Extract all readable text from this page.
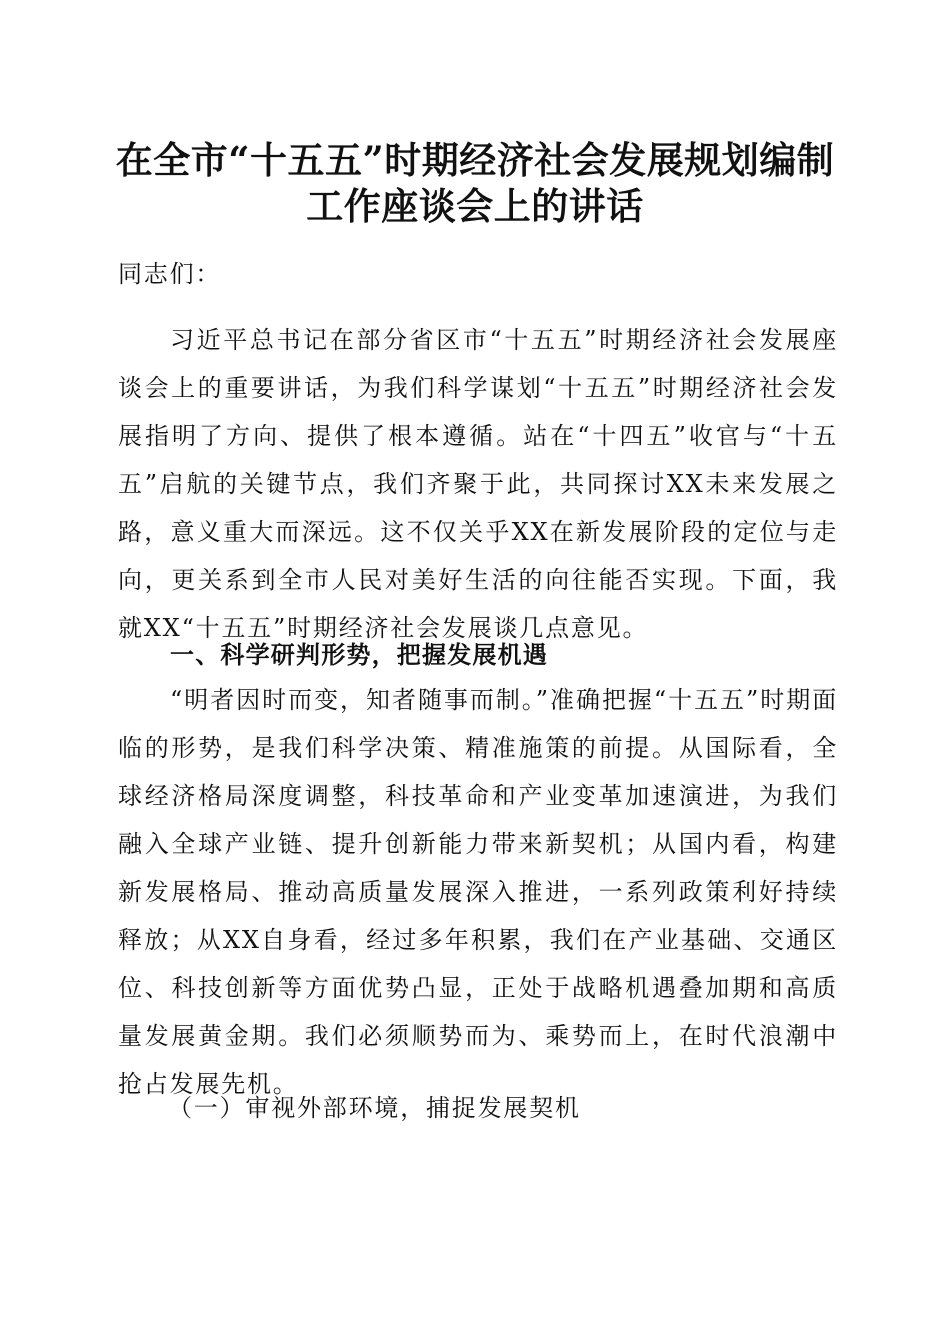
在全市“十五五”时期经济社会发展规划编制
工作座谈会上的讲话
同志们：
习近平总书记在部分省区市“十五五”时期经济社会发展座谈会上的重要讲话，为我们科学谋划“十五五”时期经济社会发展指明了方向、提供了根本遵循。站在“十四五”收官与“十五五”启航的关键节点，我们齐聚于此，共同探讨XX未来发展之路，意义重大而深远。这不仅关乎XX在新发展阶段的定位与走向，更关系到全市人民对美好生活的向往能否实现。下面，我就XX“十五五”时期经济社会发展谈几点意见。
一、科学研判形势，把握发展机遇
“明者因时而变，知者随事而制。”准确把握“十五五”时期面临的形势，是我们科学决策、精准施策的前提。从国际看，全球经济格局深度调整，科技革命和产业变革加速演进，为我们融入全球产业链、提升创新能力带来新契机；从国内看，构建新发展格局、推动高质量发展深入推进，一系列政策利好持续释放；从XX自身看，经过多年积累，我们在产业基础、交通区位、科技创新等方面优势凸显，正处于战略机遇叠加期和高质量发展黄金期。我们必须顺势而为、乘势而上，在时代浪潮中抢占发展先机。
（一）审视外部环境，捕捉发展契机
